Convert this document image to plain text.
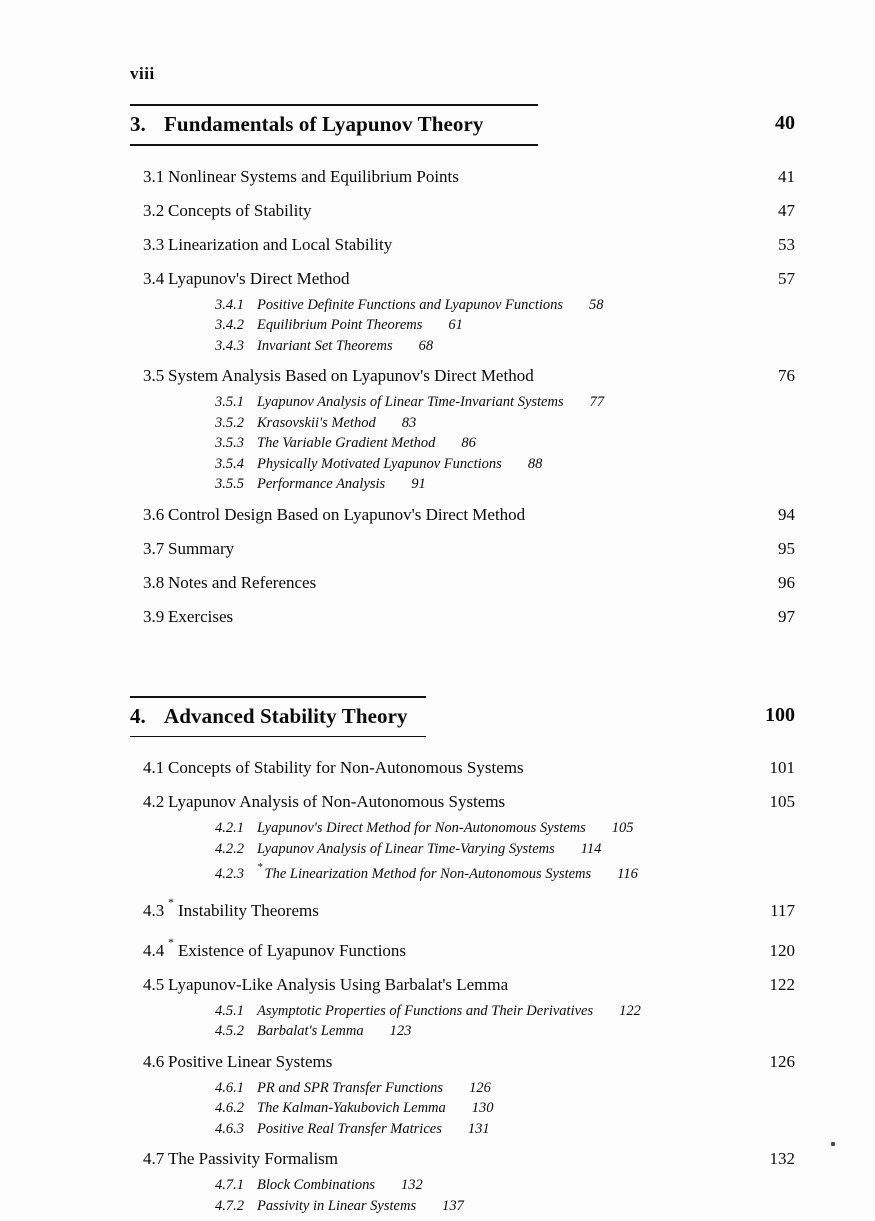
viii
3. Fundamentals of Lyapunov Theory	40
3.1 Nonlinear Systems and Equilibrium Points	41
3.2 Concepts of Stability	47
3.3 Linearization and Local Stability	53
3.4 Lyapunov's Direct Method	57
3.4.1 Positive Definite Functions and Lyapunov Functions	58
3.4.2 Equilibrium Point Theorems	61
3.4.3 Invariant Set Theorems	68
3.5 System Analysis Based on Lyapunov's Direct Method	76
3.5.1 Lyapunov Analysis of Linear Time-Invariant Systems	77
3.5.2 Krasovskii's Method	83
3.5.3 The Variable Gradient Method	86
3.5.4 Physically Motivated Lyapunov Functions	88
3.5.5 Performance Analysis	91
3.6 Control Design Based on Lyapunov's Direct Method	94
3.7 Summary	95
3.8 Notes and References	96
3.9 Exercises	97
4. Advanced Stability Theory	100
4.1 Concepts of Stability for Non-Autonomous Systems	101
4.2 Lyapunov Analysis of Non-Autonomous Systems	105
4.2.1 Lyapunov's Direct Method for Non-Autonomous Systems	105
4.2.2 Lyapunov Analysis of Linear Time-Varying Systems	114
4.2.3	* The Linearization Method for Non-Autonomous Systems	116
4.3 * Instability Theorems	117
4.4 * Existence of Lyapunov Functions	120
4.5 Lyapunov-Like Analysis Using Barbalat's Lemma	122
4.5.1 Asymptotic Properties of Functions and Their Derivatives	122
4.5.2 Barbalat's Lemma	123
4.6 Positive Linear Systems	126
4.6.1 PR and SPR Transfer Functions	126
4.6.2 The Kalman-Yakubovich Lemma	130
4.6.3 Positive Real Transfer Matrices	131
4.7 The Passivity Formalism	132
4.7.1 Block Combinations	132
4.7.2 Passivity in Linear Systems	137
